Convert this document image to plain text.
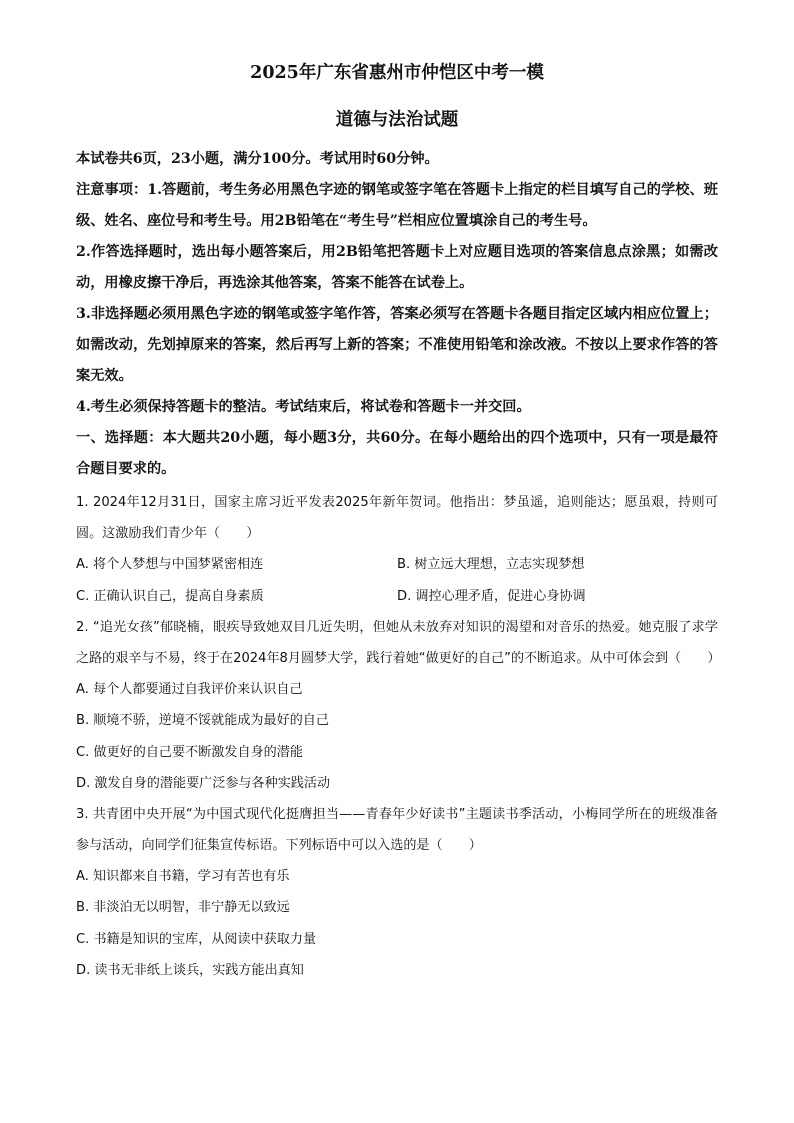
2025年广东省惠州市仲恺区中考一模
道德与法治试题

本试卷共6页，23小题，满分100分。考试用时60分钟。

注意事项：1.答题前，考生务必用黑色字迹的钢笔或签字笔在答题卡上指定的栏目填写自己的学校、班级、姓名、座位号和考生号。用2B铅笔在“考生号”栏相应位置填涂自己的考生号。

2.作答选择题时，选出每小题答案后，用2B铅笔把答题卡上对应题目选项的答案信息点涂黑；如需改动，用橡皮擦干净后，再选涂其他答案，答案不能答在试卷上。

3.非选择题必须用黑色字迹的钢笔或签字笔作答，答案必须写在答题卡各题目指定区域内相应位置上；如需改动，先划掉原来的答案，然后再写上新的答案；不准使用铅笔和涂改液。不按以上要求作答的答案无效。

4.考生必须保持答题卡的整洁。考试结束后，将试卷和答题卡一并交回。

一、选择题：本大题共20小题，每小题3分，共60分。在每小题给出的四个选项中，只有一项是最符合题目要求的。

1. 2024年12月31日，国家主席习近平发表2025年新年贺词。他指出：梦虽遥，追则能达；愿虽艰，持则可圆。这激励我们青少年（　　）

A. 将个人梦想与中国梦紧密相连	B. 树立远大理想，立志实现梦想
C. 正确认识自己，提高自身素质	D. 调控心理矛盾，促进心身协调

2. “追光女孩”郁晓楠，眼疾导致她双目几近失明，但她从未放弃对知识的渴望和对音乐的热爱。她克服了求学之路的艰辛与不易，终于在2024年8月圆梦大学，践行着她“做更好的自己”的不断追求。从中可体会到（　　）

A. 每个人都要通过自我评价来认识自己
B. 顺境不骄，逆境不馁就能成为最好的自己
C. 做更好的自己要不断激发自身的潜能
D. 激发自身的潜能要广泛参与各种实践活动

3. 共青团中央开展“为中国式现代化挺膺担当——青春年少好读书”主题读书季活动，小梅同学所在的班级准备参与活动，向同学们征集宣传标语。下列标语中可以入选的是（　　）

A. 知识都来自书籍，学习有苦也有乐
B. 非淡泊无以明智，非宁静无以致远
C. 书籍是知识的宝库，从阅读中获取力量
D. 读书无非纸上谈兵，实践方能出真知
